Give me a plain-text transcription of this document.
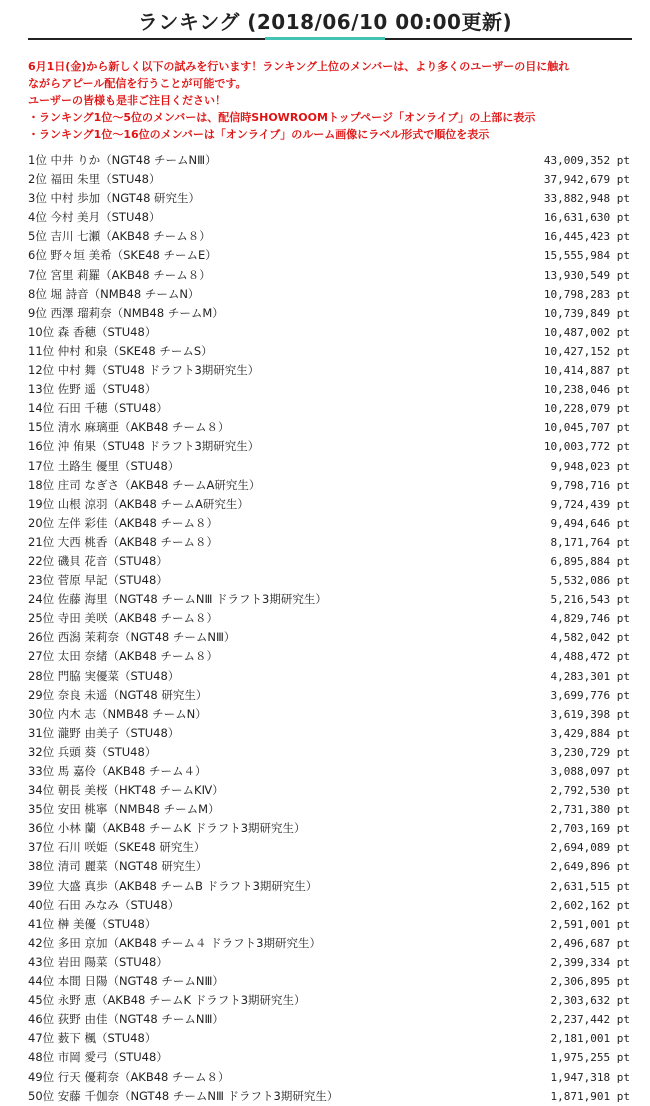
ランキング (2018/06/10 00:00更新)

6月1日(金)から新しく以下の試みを行います！ランキング上位のメンバーは、より多くのユーザーの目に触れ

ながらアピール配信を行うことが可能です。

ユーザーの皆様も是非ご注目ください！

・ランキング1位〜5位のメンバーは、配信時SHOWROOMトップページ「オンライブ」の上部に表示

・ランキング1位〜16位のメンバーは「オンライブ」のルーム画像にラベル形式で順位を表示

1位 中井 りか（NGT48 チームNⅢ）	43,009,352 pt
2位 福田 朱里（STU48）	37,942,679 pt
3位 中村 歩加（NGT48 研究生）	33,882,948 pt
4位 今村 美月（STU48）	16,631,630 pt
5位 吉川 七瀬（AKB48 チーム８）	16,445,423 pt
6位 野々垣 美希（SKE48 チームE）	15,555,984 pt
7位 宮里 莉羅（AKB48 チーム８）	13,930,549 pt
8位 堀 詩音（NMB48 チームN）	10,798,283 pt
9位 西澤 瑠莉奈（NMB48 チームM）	10,739,849 pt
10位 森 香穂（STU48）	10,487,002 pt
11位 仲村 和泉（SKE48 チームS）	10,427,152 pt
12位 中村 舞（STU48 ドラフト3期研究生）	10,414,887 pt
13位 佐野 遥（STU48）	10,238,046 pt
14位 石田 千穂（STU48）	10,228,079 pt
15位 清水 麻璃亜（AKB48 チーム８）	10,045,707 pt
16位 沖 侑果（STU48 ドラフト3期研究生）	10,003,772 pt
17位 土路生 優里（STU48）	9,948,023 pt
18位 庄司 なぎさ（AKB48 チームA研究生）	9,798,716 pt
19位 山根 涼羽（AKB48 チームA研究生）	9,724,439 pt
20位 左伴 彩佳（AKB48 チーム８）	9,494,646 pt
21位 大西 桃香（AKB48 チーム８）	8,171,764 pt
22位 磯貝 花音（STU48）	6,895,884 pt
23位 菅原 早記（STU48）	5,532,086 pt
24位 佐藤 海里（NGT48 チームNⅢ ドラフト3期研究生）	5,216,543 pt
25位 寺田 美咲（AKB48 チーム８）	4,829,746 pt
26位 西潟 茉莉奈（NGT48 チームNⅢ）	4,582,042 pt
27位 太田 奈緒（AKB48 チーム８）	4,488,472 pt
28位 門脇 実優菜（STU48）	4,283,301 pt
29位 奈良 未遥（NGT48 研究生）	3,699,776 pt
30位 内木 志（NMB48 チームN）	3,619,398 pt
31位 瀧野 由美子（STU48）	3,429,884 pt
32位 兵頭 葵（STU48）	3,230,729 pt
33位 馬 嘉伶（AKB48 チーム４）	3,088,097 pt
34位 朝長 美桜（HKT48 チームKⅣ）	2,792,530 pt
35位 安田 桃寧（NMB48 チームM）	2,731,380 pt
36位 小林 蘭（AKB48 チームK ドラフト3期研究生）	2,703,169 pt
37位 石川 咲姫（SKE48 研究生）	2,694,089 pt
38位 清司 麗菜（NGT48 研究生）	2,649,896 pt
39位 大盛 真歩（AKB48 チームB ドラフト3期研究生）	2,631,515 pt
40位 石田 みなみ（STU48）	2,602,162 pt
41位 榊 美優（STU48）	2,591,001 pt
42位 多田 京加（AKB48 チーム４ ドラフト3期研究生）	2,496,687 pt
43位 岩田 陽菜（STU48）	2,399,334 pt
44位 本間 日陽（NGT48 チームNⅢ）	2,306,895 pt
45位 永野 恵（AKB48 チームK ドラフト3期研究生）	2,303,632 pt
46位 荻野 由佳（NGT48 チームNⅢ）	2,237,442 pt
47位 薮下 楓（STU48）	2,181,001 pt
48位 市岡 愛弓（STU48）	1,975,255 pt
49位 行天 優莉奈（AKB48 チーム８）	1,947,318 pt
50位 安藤 千伽奈（NGT48 チームNⅢ ドラフト3期研究生）	1,871,901 pt
